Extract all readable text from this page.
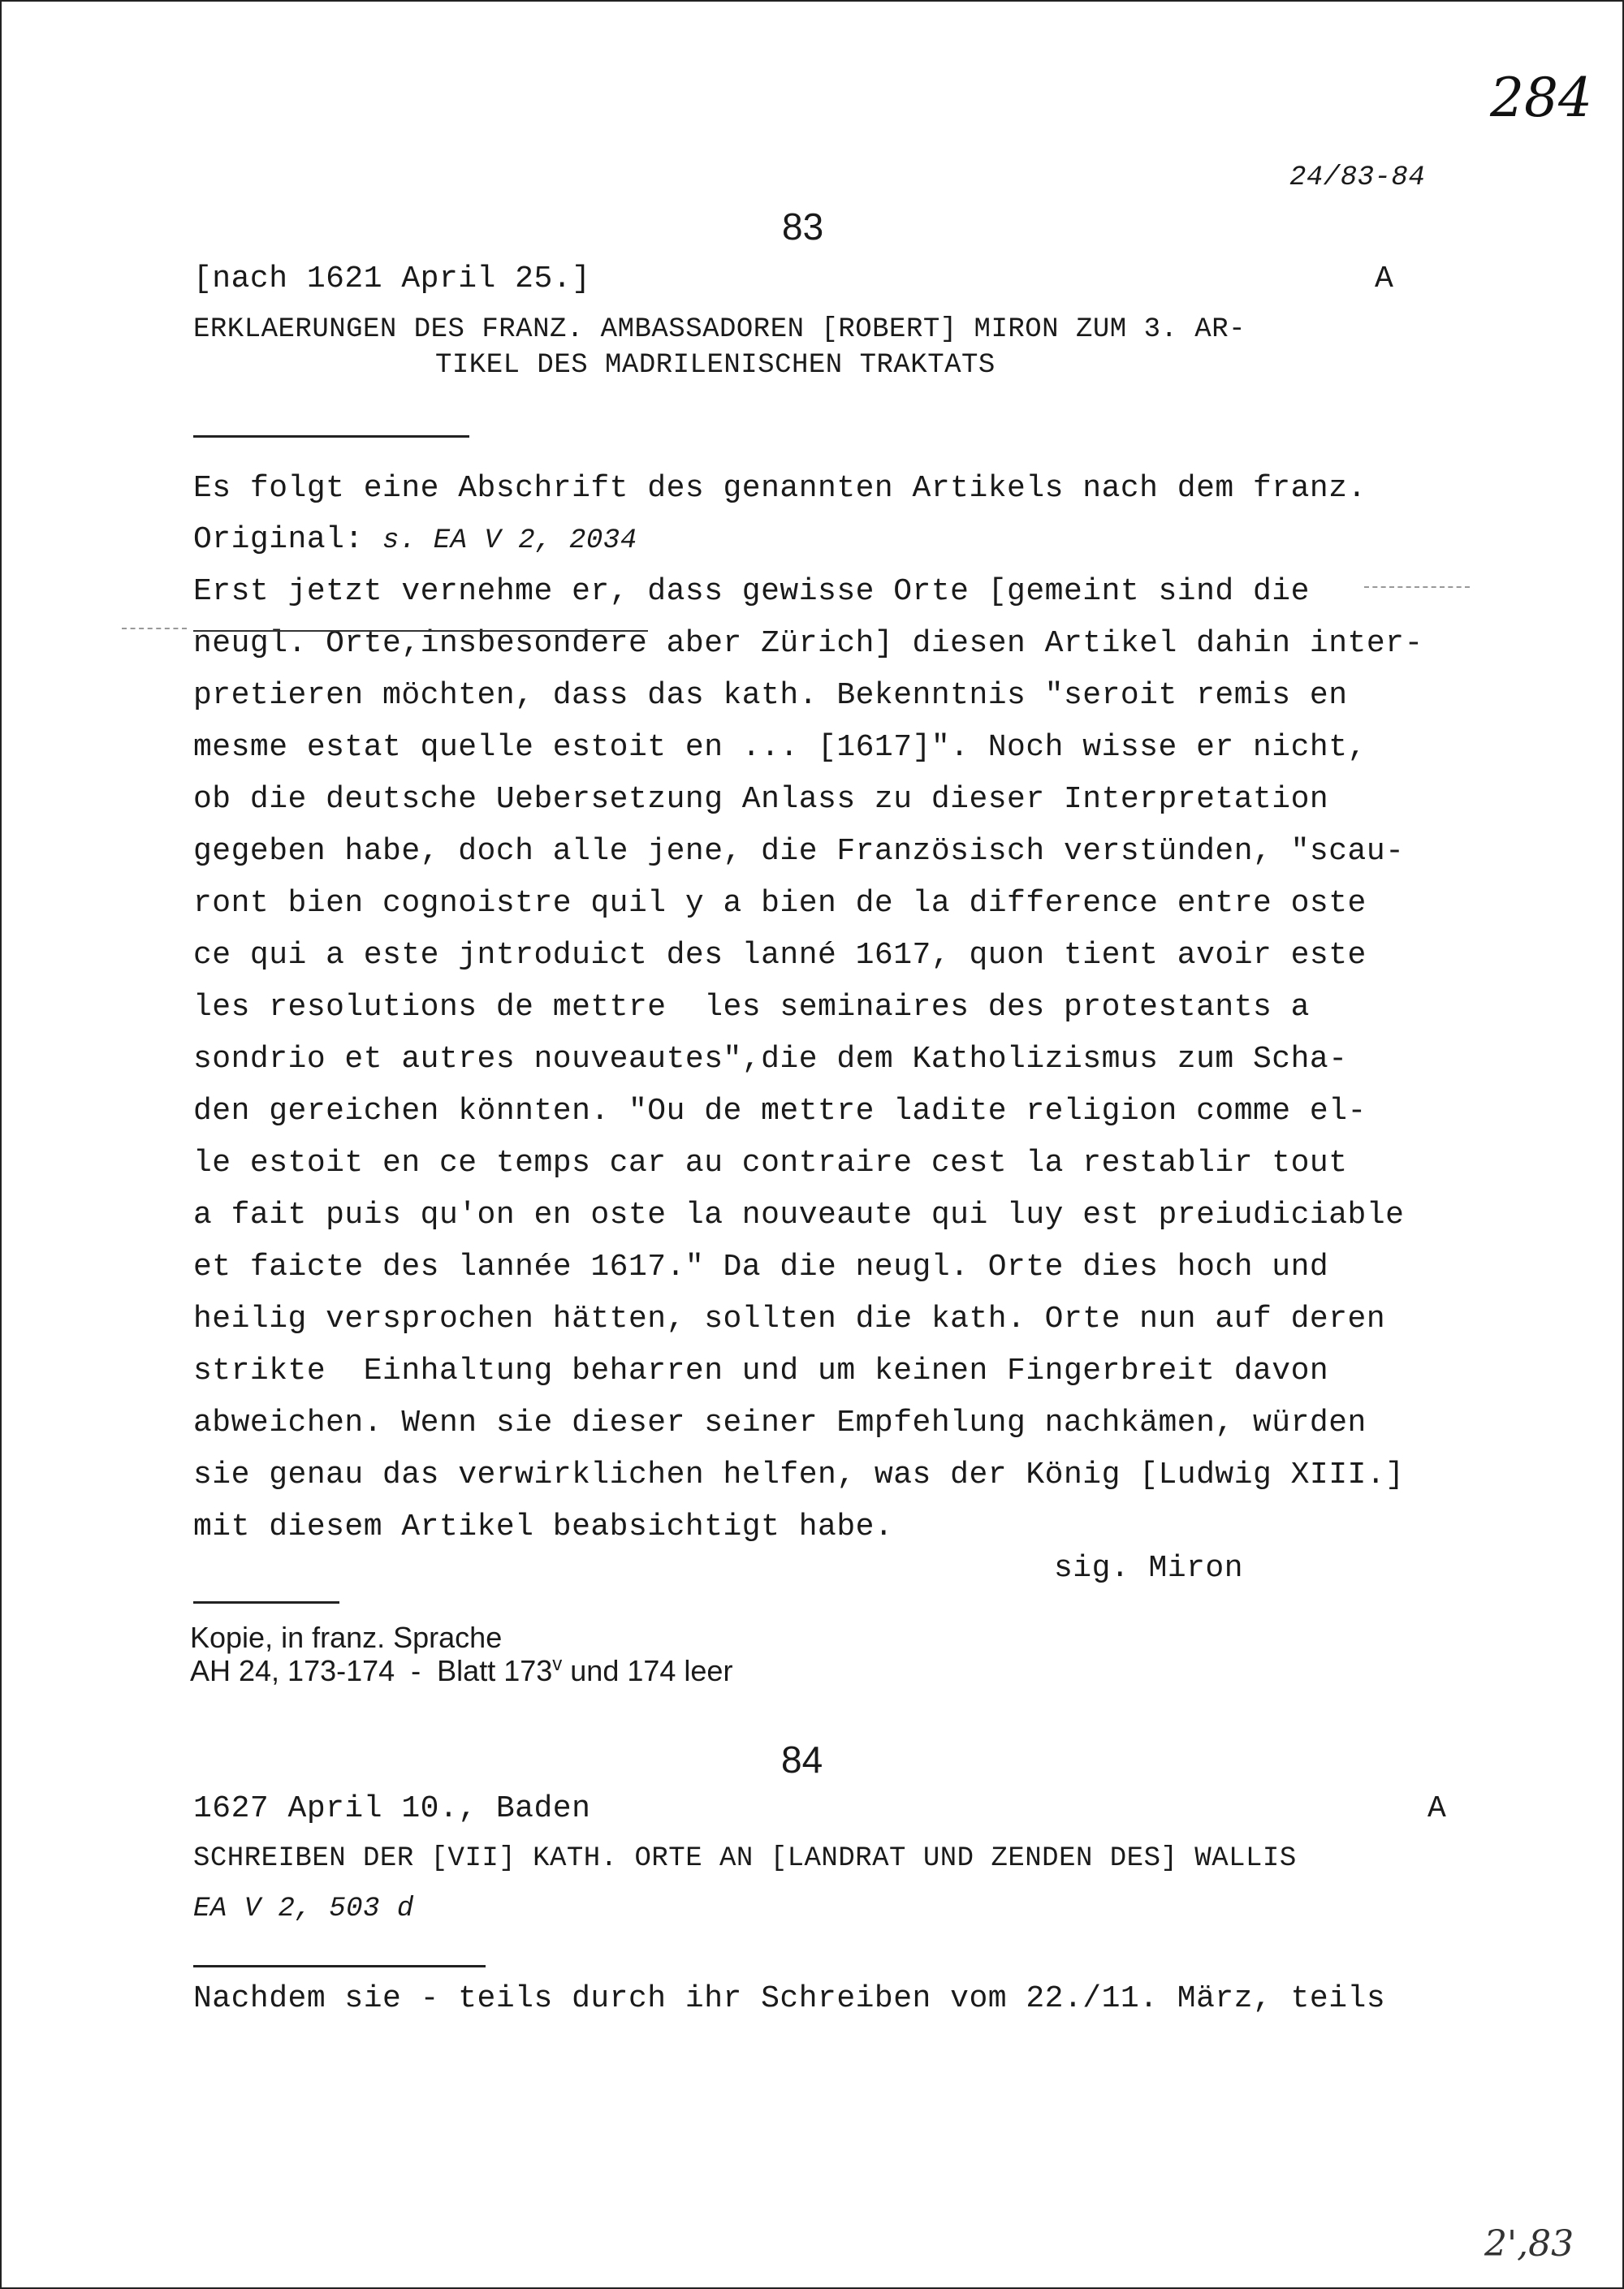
284
24/83-84
83
[nach 1621 April 25.]	A
ERKLAERUNGEN DES FRANZ. AMBASSADOREN [ROBERT] MIRON ZUM 3. AR-
TIKEL DES MADRILENISCHEN TRAKTATS
Es folgt eine Abschrift des genannten Artikels nach dem franz.
Original: s. EA V 2, 2034
Erst jetzt vernehme er, dass gewisse Orte [gemeint sind die
neugl. Orte,insbesondere aber Zürich] diesen Artikel dahin inter-
pretieren möchten, dass das kath. Bekenntnis "seroit remis en
mesme estat quelle estoit en ... [1617]". Noch wisse er nicht,
ob die deutsche Uebersetzung Anlass zu dieser Interpretation
gegeben habe, doch alle jene, die Französisch verstünden, "scau-
ront bien cognoistre quil y a bien de la difference entre oste
ce qui a este jntroduict des lanné 1617, quon tient avoir este
les resolutions de mettre  les seminaires des protestants a
sondrio et autres nouveautes",die dem Katholizismus zum Scha-
den gereichen könnten. "Ou de mettre ladite religion comme el-
le estoit en ce temps car au contraire cest la restablir tout
a fait puis qu'on en oste la nouveaute qui luy est preiudiciable
et faicte des lannée 1617." Da die neugl. Orte dies hoch und
heilig versprochen hätten, sollten die kath. Orte nun auf deren
strikte  Einhaltung beharren und um keinen Fingerbreit davon
abweichen. Wenn sie dieser seiner Empfehlung nachkämen, würden
sie genau das verwirklichen helfen, was der König [Ludwig XIII.]
mit diesem Artikel beabsichtigt habe.
sig. Miron
Kopie, in franz. Sprache
AH 24, 173-174  -  Blatt 173$^v$ und 174 leer
84
1627 April 10., Baden	A
SCHREIBEN DER [VII] KATH. ORTE AN [LANDRAT UND ZENDEN DES] WALLIS
EA V 2, 503 d
Nachdem sie - teils durch ihr Schreiben vom 22./11. März, teils
2',83
